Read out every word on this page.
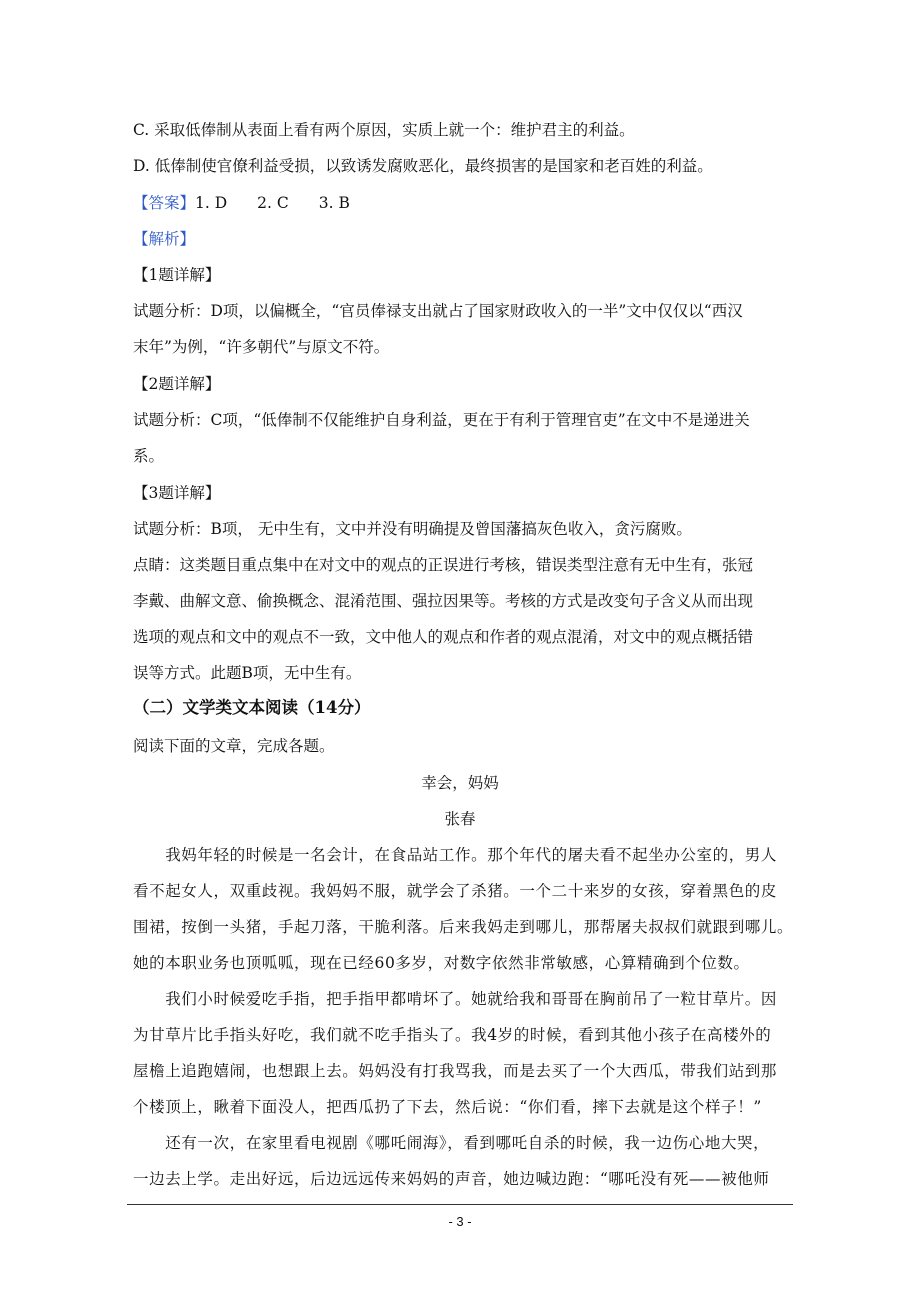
C. 采取低俸制从表面上看有两个原因，实质上就一个：维护君主的利益。
D. 低俸制使官僚利益受损，以致诱发腐败恶化，最终损害的是国家和老百姓的利益。
【答案】1. D 2. C 3. B
【解析】
【1题详解】
试题分析：D项，以偏概全，“官员俸禄支出就占了国家财政收入的一半”文中仅仅以“西汉
末年”为例，“许多朝代”与原文不符。
【2题详解】
试题分析：C项，“低俸制不仅能维护自身利益，更在于有利于管理官吏”在文中不是递进关
系。
【3题详解】
试题分析：B项， 无中生有，文中并没有明确提及曾国藩搞灰色收入，贪污腐败。
点睛：这类题目重点集中在对文中的观点的正误进行考核，错误类型注意有无中生有，张冠
李戴、曲解文意、偷换概念、混淆范围、强拉因果等。考核的方式是改变句子含义从而出现
选项的观点和文中的观点不一致，文中他人的观点和作者的观点混淆，对文中的观点概括错
误等方式。此题B项，无中生有。
（二）文学类文本阅读（14分）
阅读下面的文章，完成各题。
幸会，妈妈
张春
　　我妈年轻的时候是一名会计，在食品站工作。那个年代的屠夫看不起坐办公室的，男人
看不起女人，双重歧视。我妈妈不服，就学会了杀猪。一个二十来岁的女孩，穿着黑色的皮
围裙，按倒一头猪，手起刀落，干脆利落。后来我妈走到哪儿，那帮屠夫叔叔们就跟到哪儿。
她的本职业务也顶呱呱，现在已经60多岁，对数字依然非常敏感，心算精确到个位数。
　　我们小时候爱吃手指，把手指甲都啃坏了。她就给我和哥哥在胸前吊了一粒甘草片。因
为甘草片比手指头好吃，我们就不吃手指头了。我4岁的时候，看到其他小孩子在高楼外的
屋檐上追跑嬉闹，也想跟上去。妈妈没有打我骂我，而是去买了一个大西瓜，带我们站到那
个楼顶上，瞅着下面没人，把西瓜扔了下去，然后说：“你们看，摔下去就是这个样子！”
　　还有一次，在家里看电视剧《哪吒闹海》，看到哪吒自杀的时候，我一边伤心地大哭，
一边去上学。走出好远，后边远远传来妈妈的声音，她边喊边跑：“哪吒没有死——被他师
- 3 -
